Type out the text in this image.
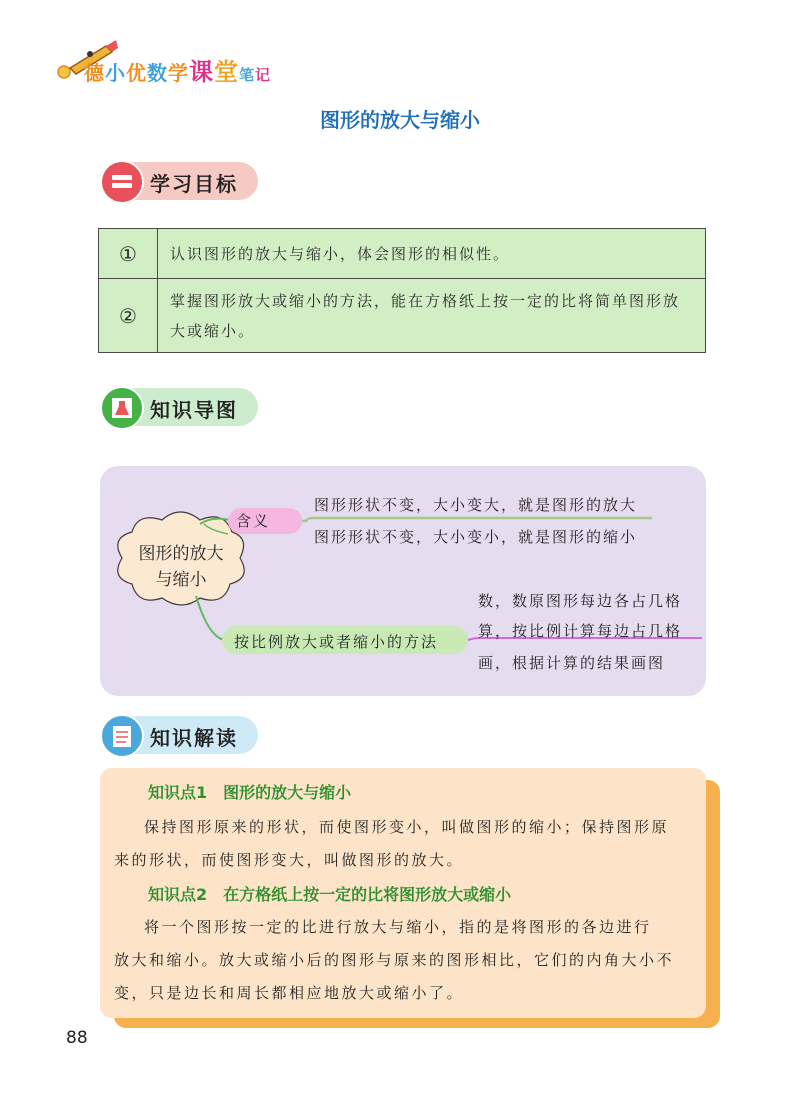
德小优数学课堂笔记
图形的放大与缩小
学习目标
①	认识图形的放大与缩小，体会图形的相似性。

②	掌握图形放大或缩小的方法，能在方格纸上按一定的比将简单图形放
大或缩小。
知识导图
图形的放大
与缩小
含义
图形形状不变，大小变大，就是图形的放大
图形形状不变，大小变小，就是图形的缩小
按比例放大或者缩小的方法
数，数原图形每边各占几格
算，按比例计算每边占几格
画，根据计算的结果画图
知识解读
知识点1　图形的放大与缩小
保持图形原来的形状，而使图形变小，叫做图形的缩小；保持图形原
来的形状，而使图形变大，叫做图形的放大。
知识点2　在方格纸上按一定的比将图形放大或缩小
将一个图形按一定的比进行放大与缩小，指的是将图形的各边进行
放大和缩小。放大或缩小后的图形与原来的图形相比，它们的内角大小不
变，只是边长和周长都相应地放大或缩小了。
88
